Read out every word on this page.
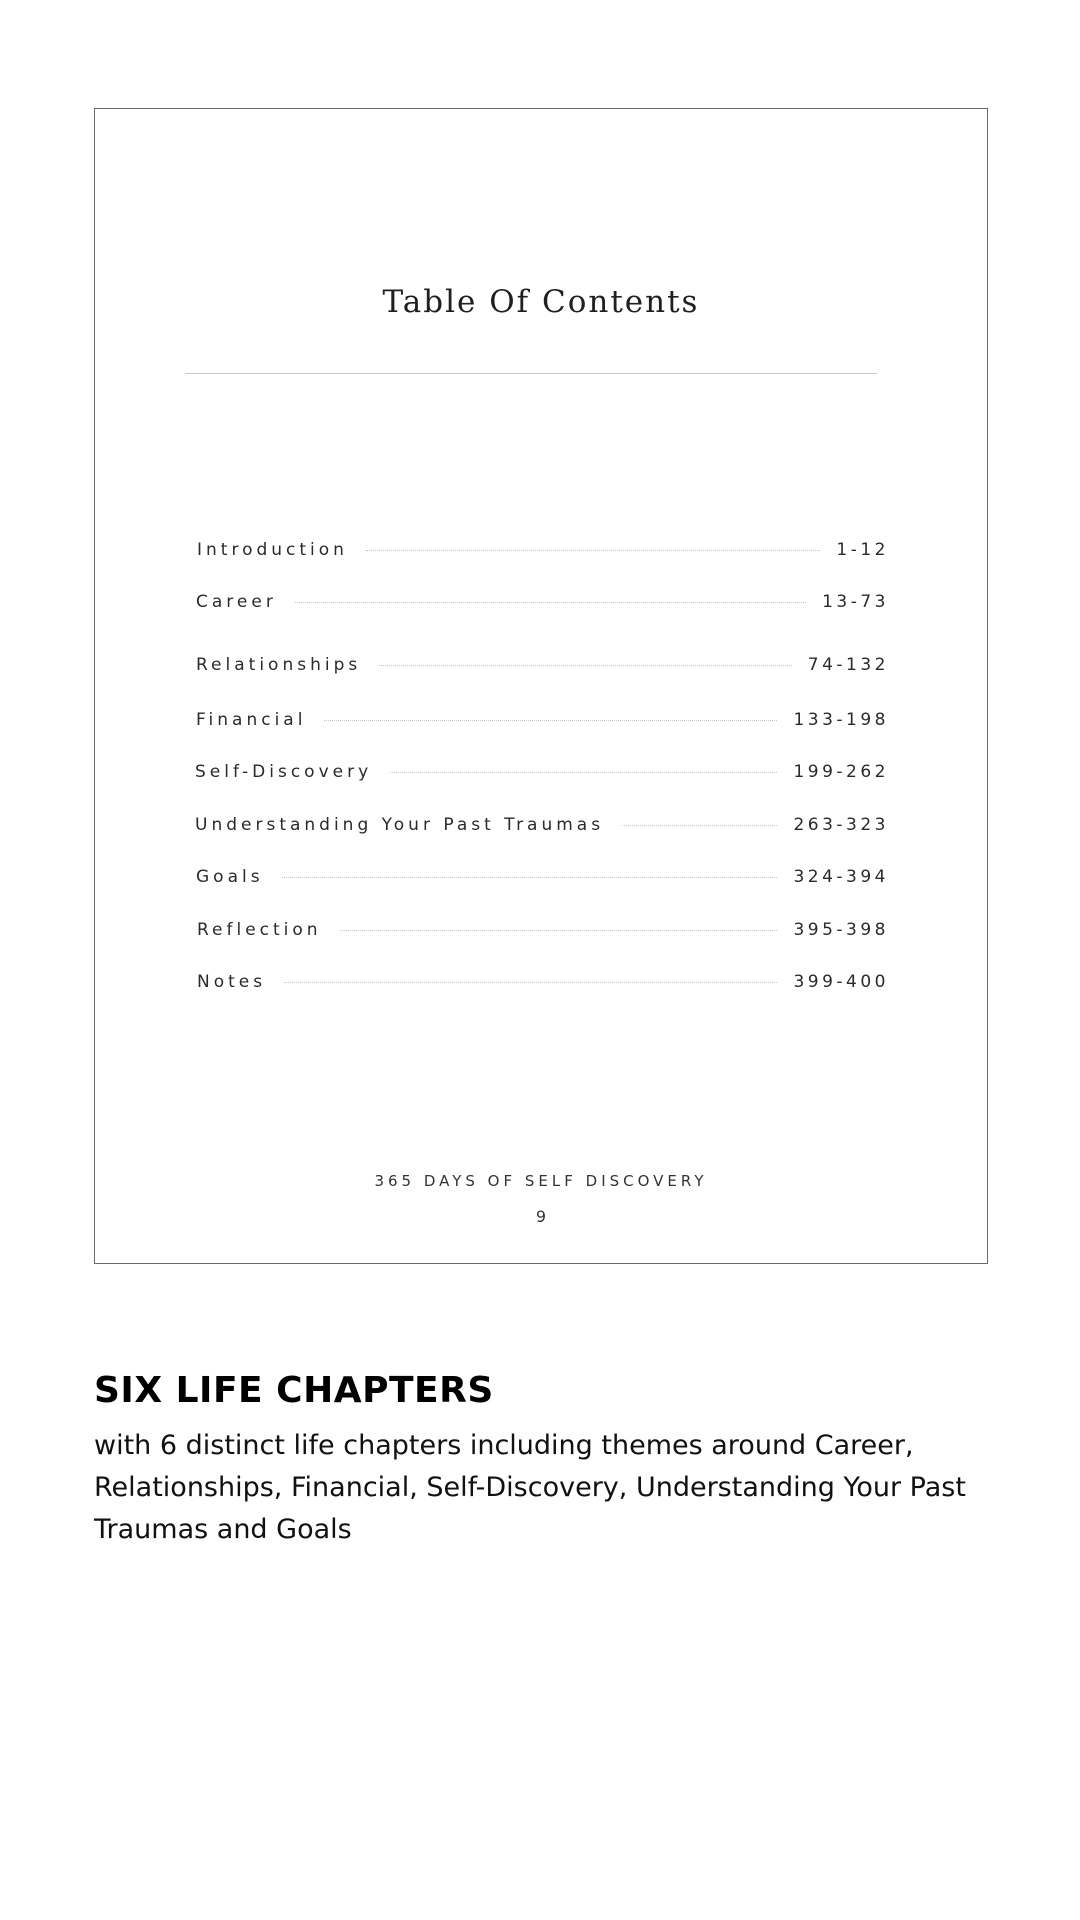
Table Of Contents
Introduction	1-12
Career	13-73
Relationships	74-132
Financial	133-198
Self-Discovery	199-262
Understanding Your Past Traumas	263-323
Goals	324-394
Reflection	395-398
Notes	399-400
365 DAYS OF SELF DISCOVERY
9
SIX LIFE CHAPTERS

with 6 distinct life chapters including themes around Career, Relationships, Financial, Self-Discovery, Understanding Your Past Traumas and Goals
